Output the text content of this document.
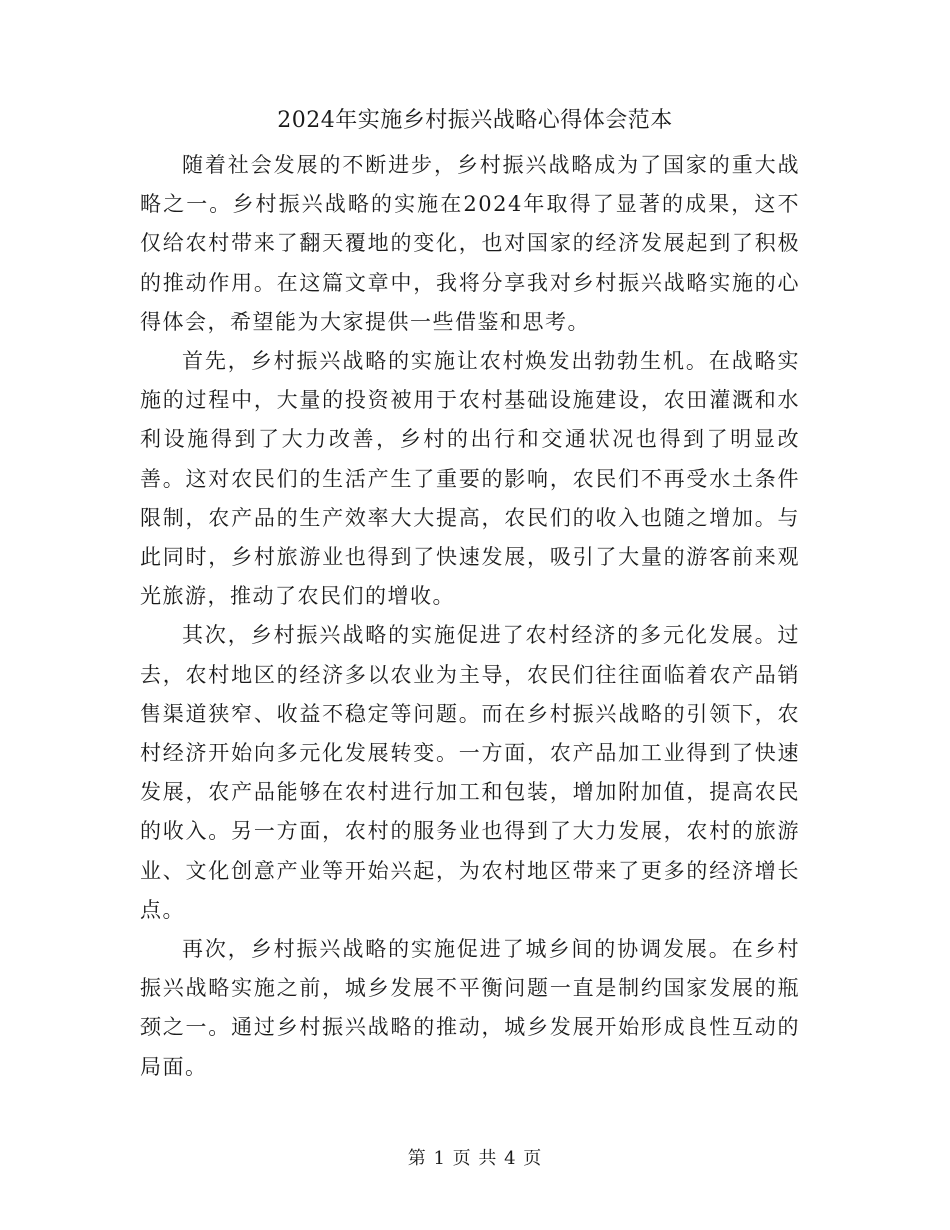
2024年实施乡村振兴战略心得体会范本

随着社会发展的不断进步，乡村振兴战略成为了国家的重大战略之一。乡村振兴战略的实施在2024年取得了显著的成果，这不仅给农村带来了翻天覆地的变化，也对国家的经济发展起到了积极的推动作用。在这篇文章中，我将分享我对乡村振兴战略实施的心得体会，希望能为大家提供一些借鉴和思考。

首先，乡村振兴战略的实施让农村焕发出勃勃生机。在战略实施的过程中，大量的投资被用于农村基础设施建设，农田灌溉和水利设施得到了大力改善，乡村的出行和交通状况也得到了明显改善。这对农民们的生活产生了重要的影响，农民们不再受水土条件限制，农产品的生产效率大大提高，农民们的收入也随之增加。与此同时，乡村旅游业也得到了快速发展，吸引了大量的游客前来观光旅游，推动了农民们的增收。

其次，乡村振兴战略的实施促进了农村经济的多元化发展。过去，农村地区的经济多以农业为主导，农民们往往面临着农产品销售渠道狭窄、收益不稳定等问题。而在乡村振兴战略的引领下，农村经济开始向多元化发展转变。一方面，农产品加工业得到了快速发展，农产品能够在农村进行加工和包装，增加附加值，提高农民的收入。另一方面，农村的服务业也得到了大力发展，农村的旅游业、文化创意产业等开始兴起，为农村地区带来了更多的经济增长点。

再次，乡村振兴战略的实施促进了城乡间的协调发展。在乡村振兴战略实施之前，城乡发展不平衡问题一直是制约国家发展的瓶颈之一。通过乡村振兴战略的推动，城乡发展开始形成良性互动的局面。

第 1 页 共 4 页
